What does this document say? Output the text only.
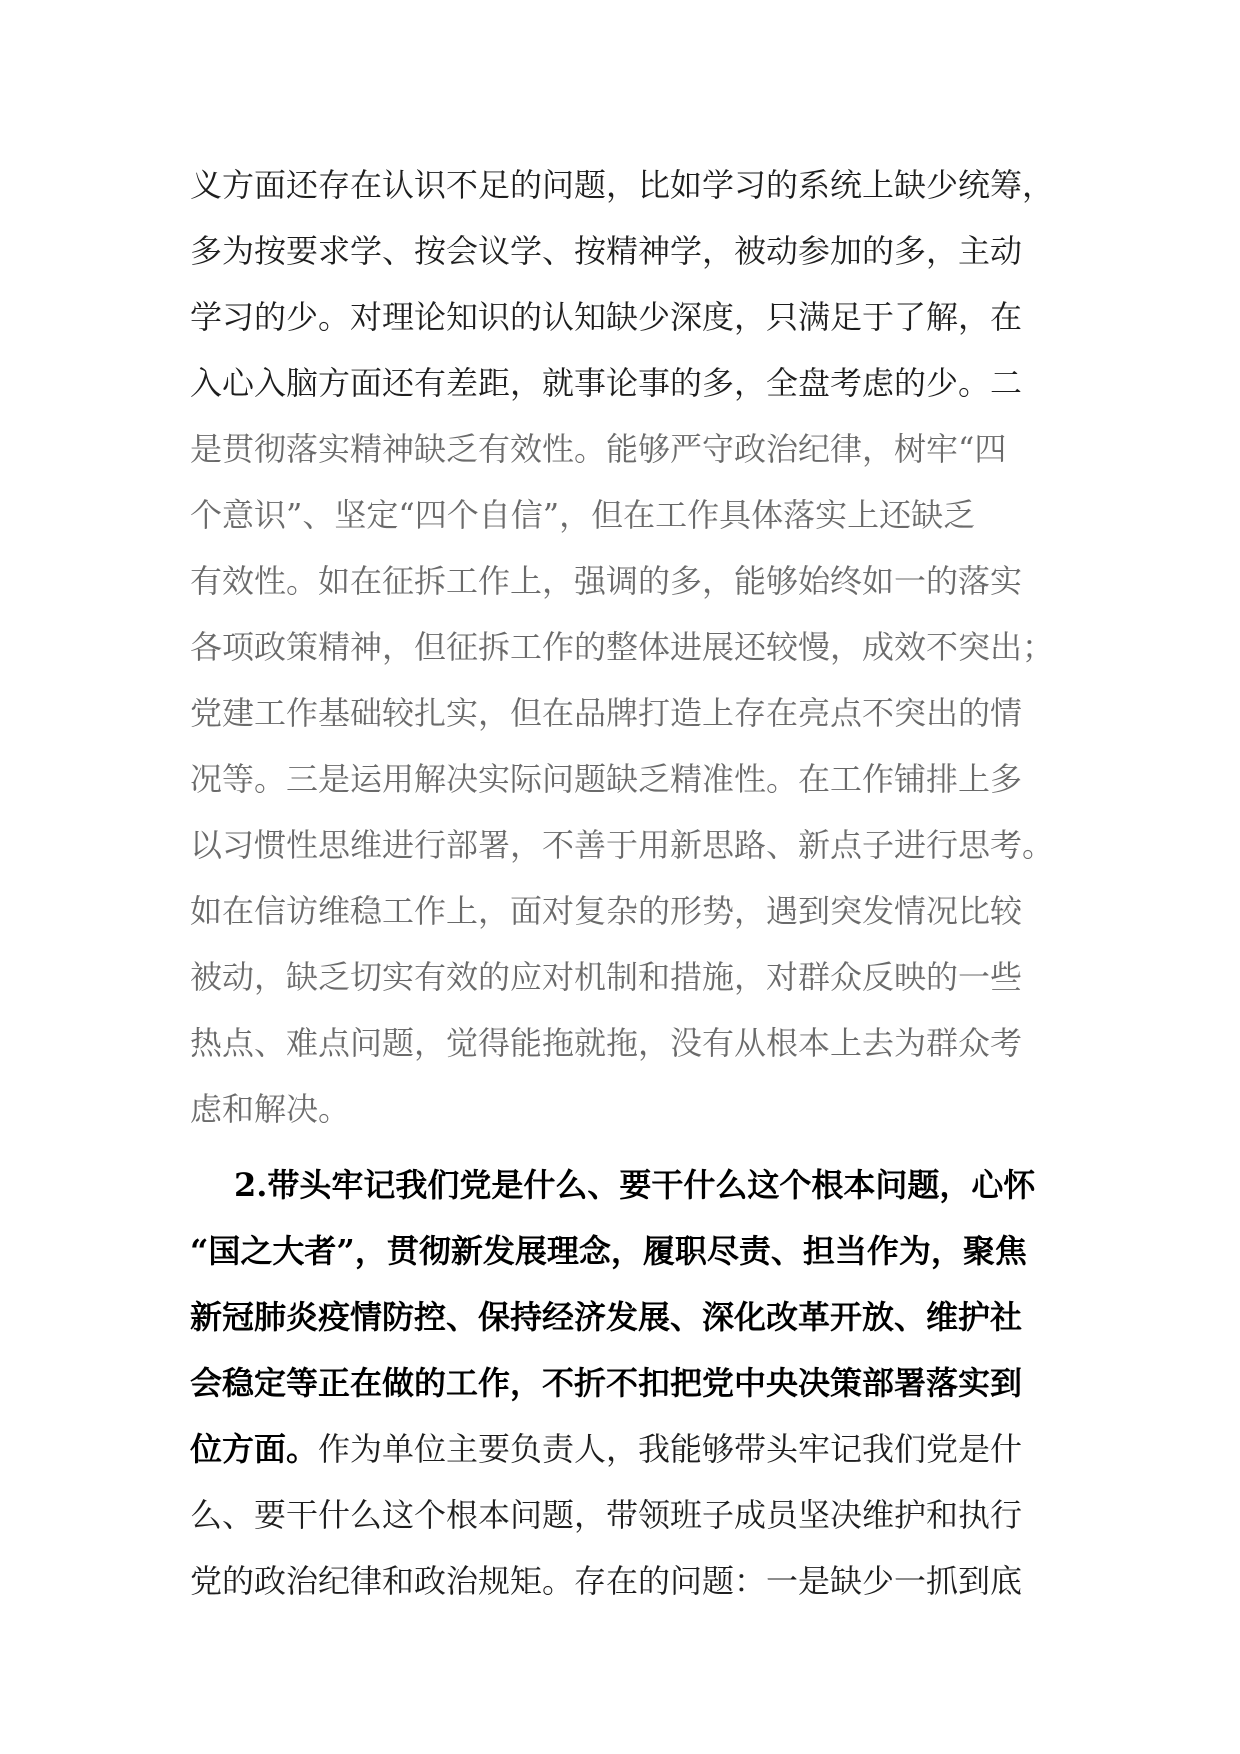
义方面还存在认识不足的问题，比如学习的系统上缺少统筹，
多为按要求学、按会议学、按精神学，被动参加的多，主动
学习的少。对理论知识的认知缺少深度，只满足于了解，在
入心入脑方面还有差距，就事论事的多，全盘考虑的少。二
是贯彻落实精神缺乏有效性。能够严守政治纪律，树牢“四
个意识”、坚定“四个自信”，但在工作具体落实上还缺乏
有效性。如在征拆工作上，强调的多，能够始终如一的落实
各项政策精神，但征拆工作的整体进展还较慢，成效不突出；
党建工作基础较扎实，但在品牌打造上存在亮点不突出的情
况等。三是运用解决实际问题缺乏精准性。在工作铺排上多
以习惯性思维进行部署，不善于用新思路、新点子进行思考。
如在信访维稳工作上，面对复杂的形势，遇到突发情况比较
被动，缺乏切实有效的应对机制和措施，对群众反映的一些
热点、难点问题，觉得能拖就拖，没有从根本上去为群众考
虑和解决。
2.带头牢记我们党是什么、要干什么这个根本问题，心怀
“国之大者”，贯彻新发展理念，履职尽责、担当作为，聚焦
新冠肺炎疫情防控、保持经济发展、深化改革开放、维护社
会稳定等正在做的工作，不折不扣把党中央决策部署落实到
位方面。 作为单位主要负责人，我能够带头牢记我们党是什
么、要干什么这个根本问题，带领班子成员坚决维护和执行
党的政治纪律和政治规矩。存在的问题：一是缺少一抓到底
